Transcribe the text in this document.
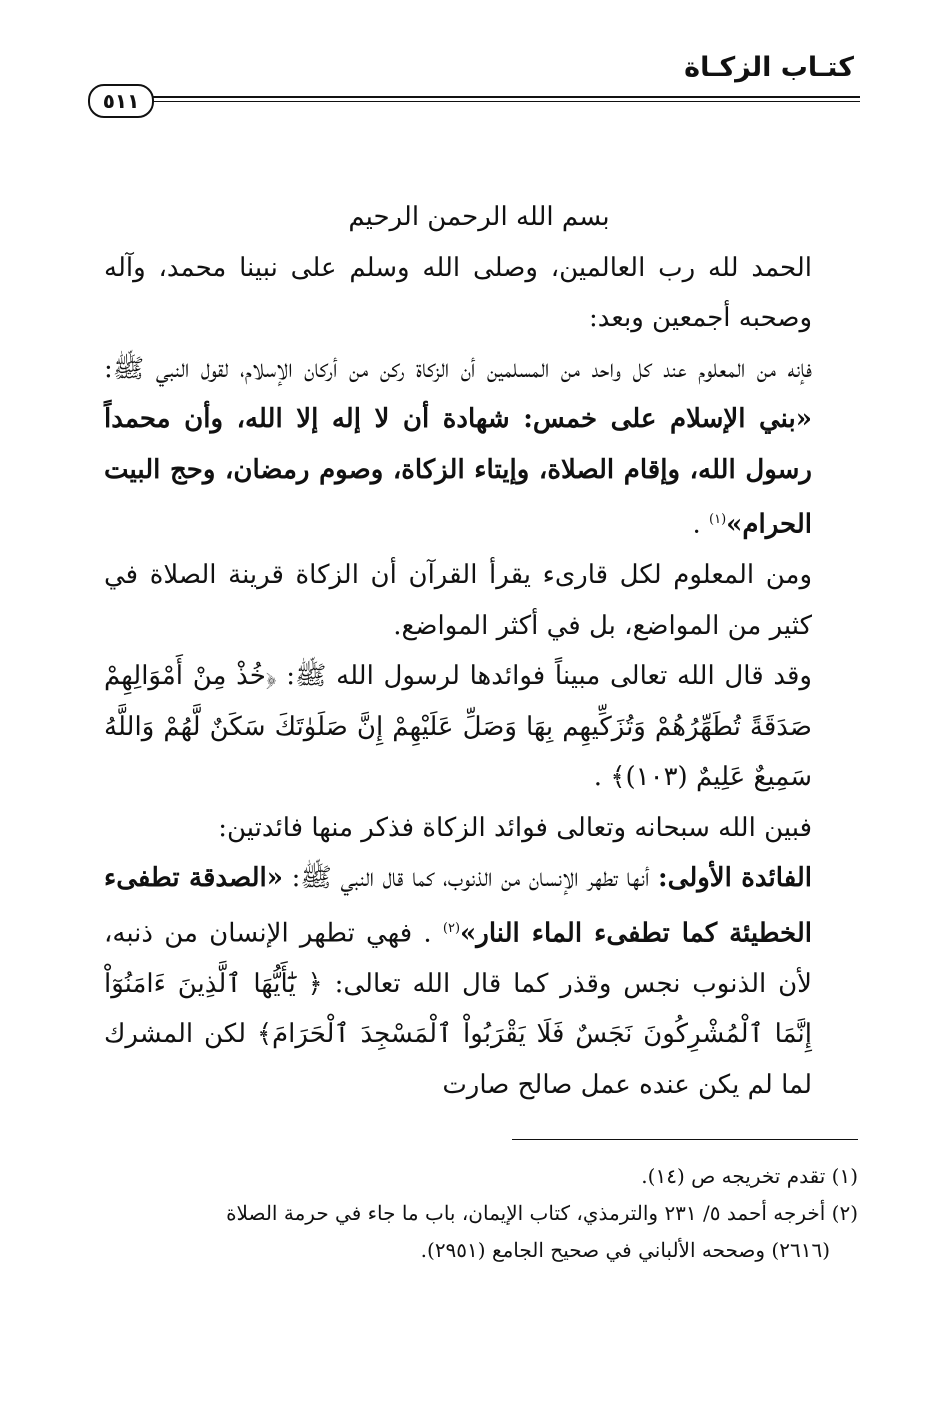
كتـاب الزكـاة
٥١١

بسم الله الرحمن الرحيم

الحمد لله رب العالمين، وصلى الله وسلم على نبينا محمد، وآله وصحبه أجمعين وبعد:

فإنه من المعلوم عند كل واحد من المسلمين أن الزكاة ركن من أركان الإسلام، لقول النبي ﷺ: «بني الإسلام على خمس: شهادة أن لا إله إلا الله، وأن محمداً رسول الله، وإقام الصلاة، وإيتاء الزكاة، وصوم رمضان، وحج البيت الحرام»$^{(١)}$ .

ومن المعلوم لكل قارىء يقرأ القرآن أن الزكاة قرينة الصلاة في كثير من المواضع، بل في أكثر المواضع.

وقد قال الله تعالى مبيناً فوائدها لرسول الله ﷺ: ﴿خُذْ مِنْ أَمْوَالِهِمْ صَدَقَةً تُطَهِّرُهُمْ وَتُزَكِّيهِم بِهَا وَصَلِّ عَلَيْهِمْ إِنَّ صَلَوٰتَكَ سَكَنٌ لَّهُمْ وَاللَّهُ سَمِيعٌ عَلِيمٌ (١٠٣)﴾ .

فبين الله سبحانه وتعالى فوائد الزكاة فذكر منها فائدتين:

الفائدة الأولى: أنها تطهر الإنسان من الذنوب، كما قال النبي ﷺ: «الصدقة تطفىء الخطيئة كما تطفىء الماء النار»$^{(٢)}$ . فهي تطهر الإنسان من ذنبه، لأن الذنوب نجس وقذر كما قال الله تعالى: ﴿ يَٰٓأَيُّهَا ٱلَّذِينَ ءَامَنُوٓاْ إِنَّمَا ٱلْمُشْرِكُونَ نَجَسٌ فَلَا يَقْرَبُواْ ٱلْمَسْجِدَ ٱلْحَرَامَ﴾ لكن المشرك لما لم يكن عنده عمل صالح صارت

(١) تقدم تخريجه ص (١٤).

(٢) أخرجه أحمد ٥/ ٢٣١ والترمذي، كتاب الإيمان، باب ما جاء في حرمة الصلاة

(٢٦١٦) وصححه الألباني في صحيح الجامع (٢٩٥١).
